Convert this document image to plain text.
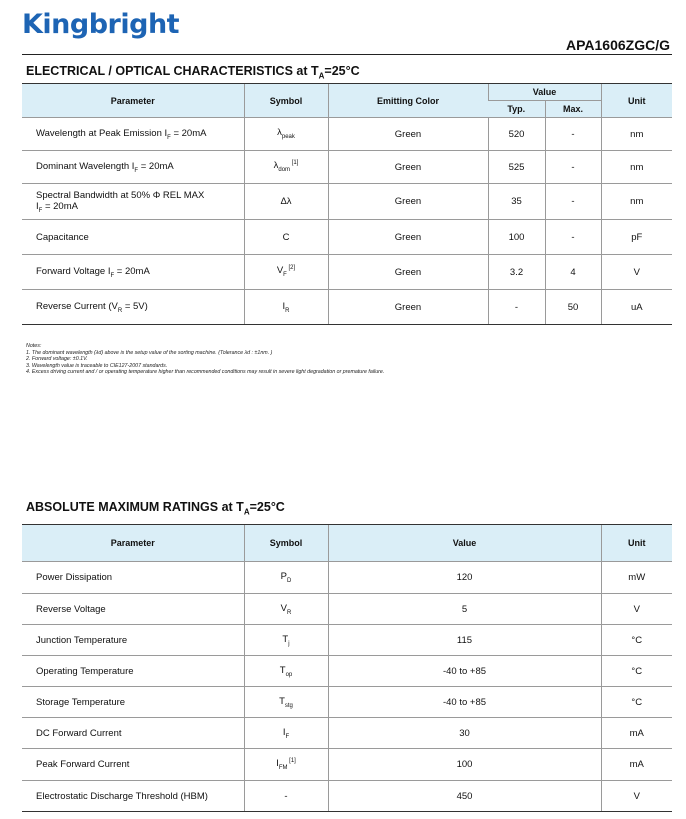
Kingbright
APA1606ZGC/G
ELECTRICAL / OPTICAL CHARACTERISTICS at $T_A=25^\circ C$
Parameter	Symbol	Emitting Color	Value		Unit
			Typ.	Max.	
Wavelength at Peak Emission $I_F = 20mA$	$\lambda_{peak}$	Green	520	-	nm
Dominant Wavelength $I_F = 20mA$	$\lambda_{dom}$ [1]	Green	525	-	nm
Spectral Bandwidth at 50% Φ REL MAX
$I_F = 20mA$	Δλ	Green	35	-	nm
Capacitance	C	Green	100	-	pF
Forward Voltage $I_F = 20mA$	$V_F$ [2]	Green	3.2	4	V
Reverse Current $(V_R = 5V)$	$I_R$	Green	-	50	uA
Notes:
1. The dominant wavelength (λd) above is the setup value of the sorting machine. (Tolerance λd : ±1nm. )
2. Forward voltage: ±0.1V.
3. Wavelength value is traceable to CIE127-2007 standards.
4. Excess driving current and / or operating temperature higher than recommended conditions may result in severe light degradation or premature failure.
ABSOLUTE MAXIMUM RATINGS at $T_A=25^\circ C$
Parameter	Symbol	Value	Unit
Power Dissipation	$P_D$	120	mW
Reverse Voltage	$V_R$	5	V
Junction Temperature	$T_j$	115	°C
Operating Temperature	$T_{op}$	-40 to +85	°C
Storage Temperature	$T_{stg}$	-40 to +85	°C
DC Forward Current	$I_F$	30	mA
Peak Forward Current	$I_{FM}$ [1]	100	mA
Electrostatic Discharge Threshold (HBM)	-	450	V
